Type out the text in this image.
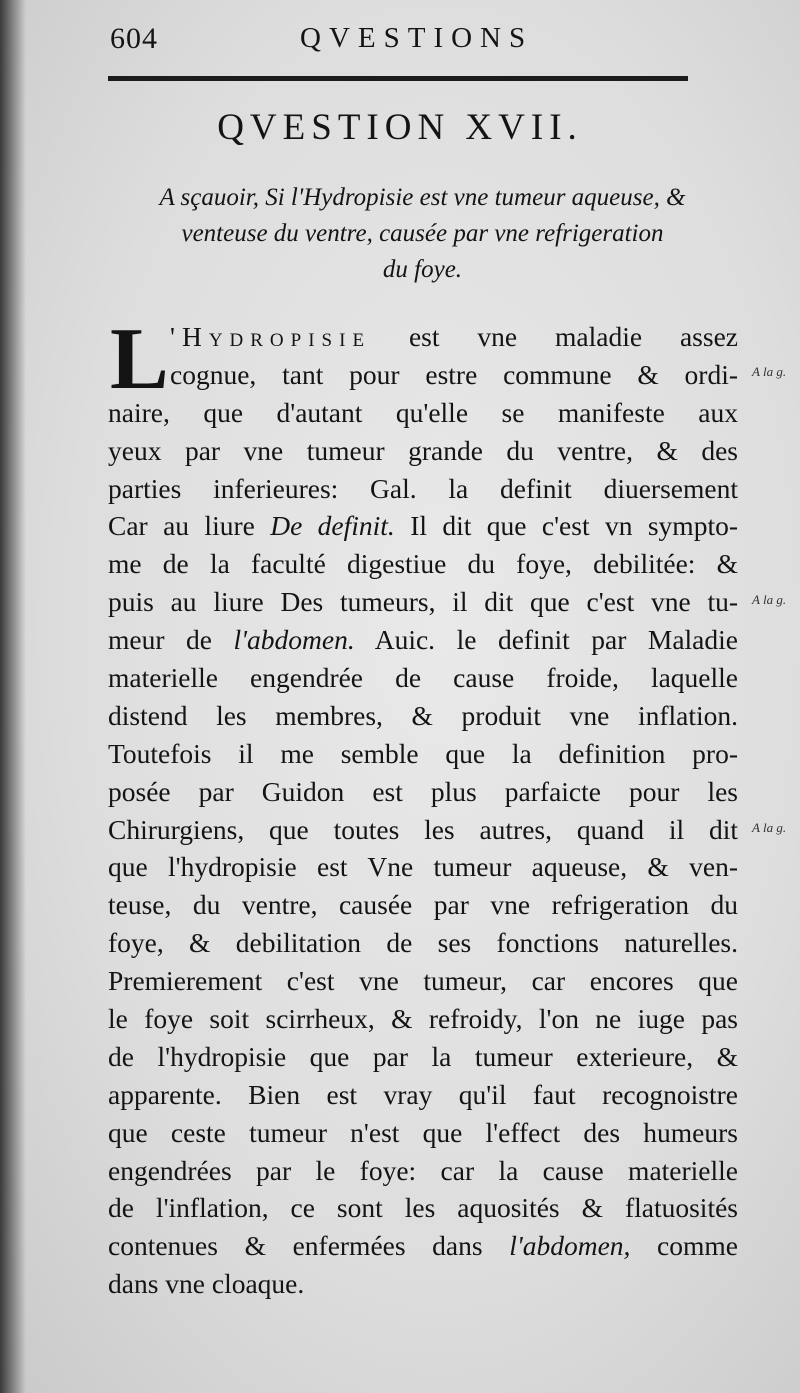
604	QVESTIONS
QVESTION XVII.
A sçauoir, Si l'Hydropisie est vne tumeur aqueuse, &
venteuse du ventre, causée par vne refrigeration
du foye.
L 'Hydropisie est vne maladie assez
cognue, tant pour estre commune & ordi-
naire, que d'autant qu'elle se manifeste aux
yeux par vne tumeur grande du ventre, & des
parties inferieures: Gal. la definit diuersement
Car au liure De definit. Il dit que c'est vn sympto-
me de la faculté digestiue du foye, debilitée: &
puis au liure Des tumeurs, il dit que c'est vne tu-
meur de l'abdomen. Auic. le definit par Maladie
materielle engendrée de cause froide, laquelle
distend les membres, & produit vne inflation.
Toutefois il me semble que la definition pro-
posée par Guidon est plus parfaicte pour les
Chirurgiens, que toutes les autres, quand il dit
que l'hydropisie est Vne tumeur aqueuse, & ven-
teuse, du ventre, causée par vne refrigeration du
foye, & debilitation de ses fonctions naturelles.
Premierement c'est vne tumeur, car encores que
le foye soit scirrheux, & refroidy, l'on ne iuge pas
de l'hydropisie que par la tumeur exterieure, &
apparente. Bien est vray qu'il faut recognoistre
que ceste tumeur n'est que l'effect des humeurs
engendrées par le foye: car la cause materielle
de l'inflation, ce sont les aquosités & flatuosités
contenues & enfermées dans l'abdomen, comme
dans vne cloaque.
A la g.
A la g.
A la g.
